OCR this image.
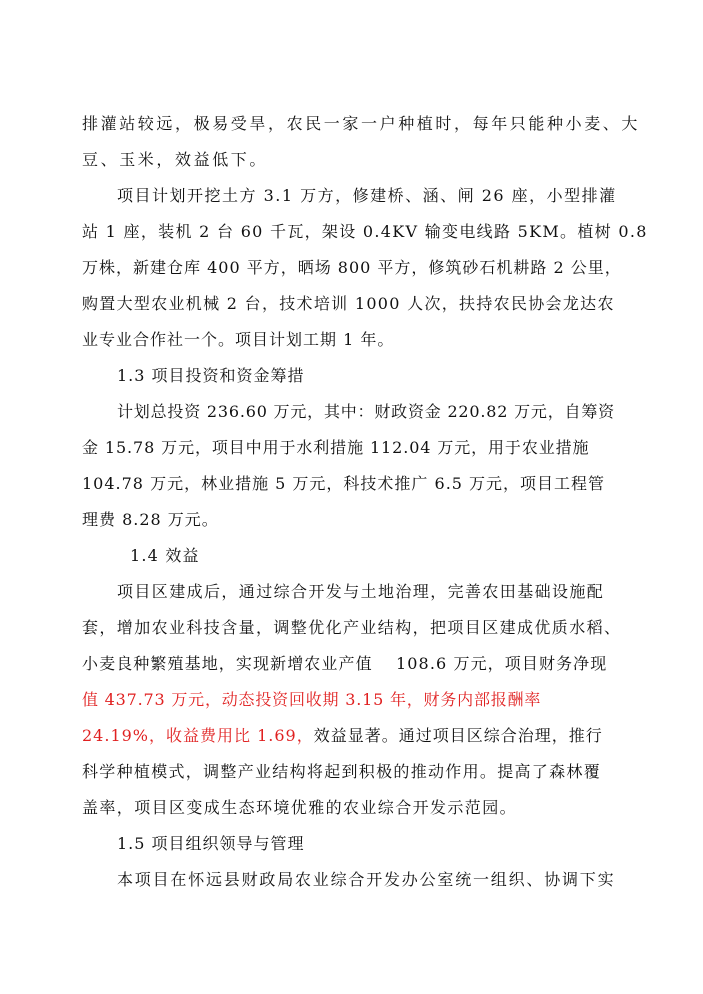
排灌站较远，极易受旱，农民一家一户种植时，每年只能种小麦、大

豆、玉米，效益低下。

项目计划开挖土方 3.1 万方，修建桥、涵、闸 26 座，小型排灌

站 1 座，装机 2 台 60 千瓦，架设 0.4KV 输变电线路 5KM。植树 0.8

万株，新建仓库 400 平方，晒场 800 平方，修筑砂石机耕路 2 公里，

购置大型农业机械 2 台，技术培训 1000 人次，扶持农民协会龙达农

业专业合作社一个。项目计划工期 1 年。

1.3 项目投资和资金筹措

计划总投资 236.60 万元，其中：财政资金 220.82 万元，自筹资

金 15.78 万元，项目中用于水利措施 112.04 万元，用于农业措施

104.78 万元，林业措施 5 万元，科技术推广 6.5 万元，项目工程管

理费 8.28 万元。

1.4 效益

项目区建成后，通过综合开发与土地治理，完善农田基础设施配

套，增加农业科技含量，调整优化产业结构，把项目区建成优质水稻、

小麦良种繁殖基地，实现新增农业产值　 108.6 万元，项目财务净现

值 437.73 万元，动态投资回收期 3.15 年，财务内部报酬率

24.19%，收益费用比 1.69，效益显著。通过项目区综合治理，推行

科学种植模式，调整产业结构将起到积极的推动作用。提高了森林覆

盖率，项目区变成生态环境优雅的农业综合开发示范园。

1.5 项目组织领导与管理

本项目在怀远县财政局农业综合开发办公室统一组织、协调下实
